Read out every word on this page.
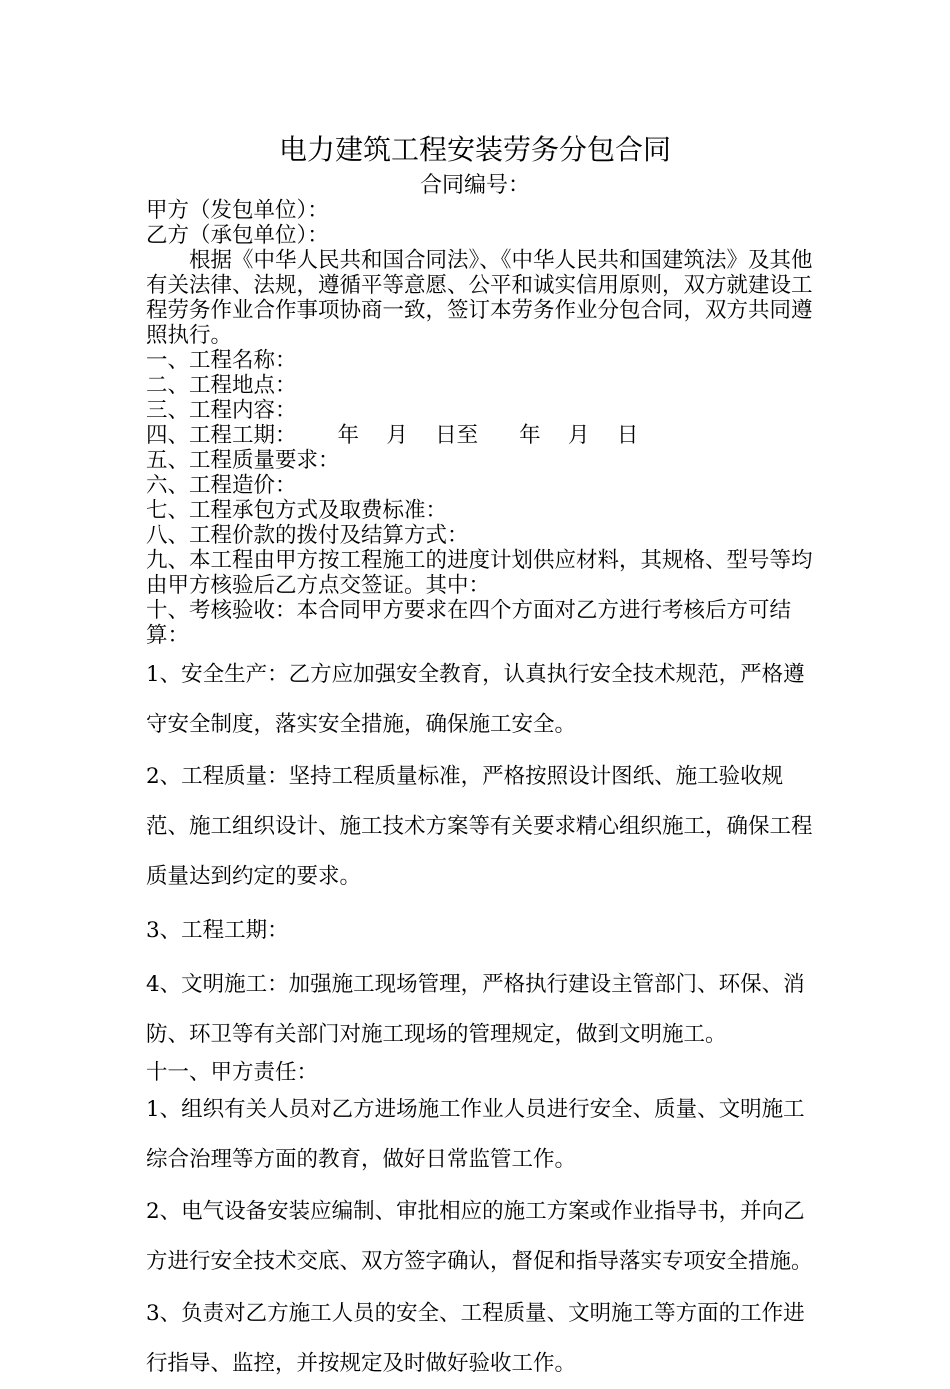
电力建筑工程安装劳务分包合同
合同编号：

甲方（发包单位）：

乙方（承包单位）：

根据《中华人民共和国合同法》、《中华人民共和国建筑法》及其他有关法律、法规，遵循平等意愿、公平和诚实信用原则，双方就建设工程劳务作业合作事项协商一致，签订本劳务作业分包合同，双方共同遵照执行。

一、工程名称：

二、工程地点：

三、工程内容：

四、工程工期：      年    月    日至      年    月    日

五、工程质量要求：

六、工程造价：

七、工程承包方式及取费标准：

八、工程价款的拨付及结算方式：

九、本工程由甲方按工程施工的进度计划供应材料，其规格、型号等均由甲方核验后乙方点交签证。其中：

十、考核验收：本合同甲方要求在四个方面对乙方进行考核后方可结算：

1、安全生产：乙方应加强安全教育，认真执行安全技术规范，严格遵守安全制度，落实安全措施，确保施工安全。

2、工程质量：坚持工程质量标准，严格按照设计图纸、施工验收规范、施工组织设计、施工技术方案等有关要求精心组织施工，确保工程质量达到约定的要求。

3、工程工期：

4、文明施工：加强施工现场管理，严格执行建设主管部门、环保、消防、环卫等有关部门对施工现场的管理规定，做到文明施工。

十一、甲方责任：

1、组织有关人员对乙方进场施工作业人员进行安全、质量、文明施工综合治理等方面的教育，做好日常监管工作。

2、电气设备安装应编制、审批相应的施工方案或作业指导书，并向乙方进行安全技术交底、双方签字确认，督促和指导落实专项安全措施。

3、负责对乙方施工人员的安全、工程质量、文明施工等方面的工作进行指导、监控，并按规定及时做好验收工作。
